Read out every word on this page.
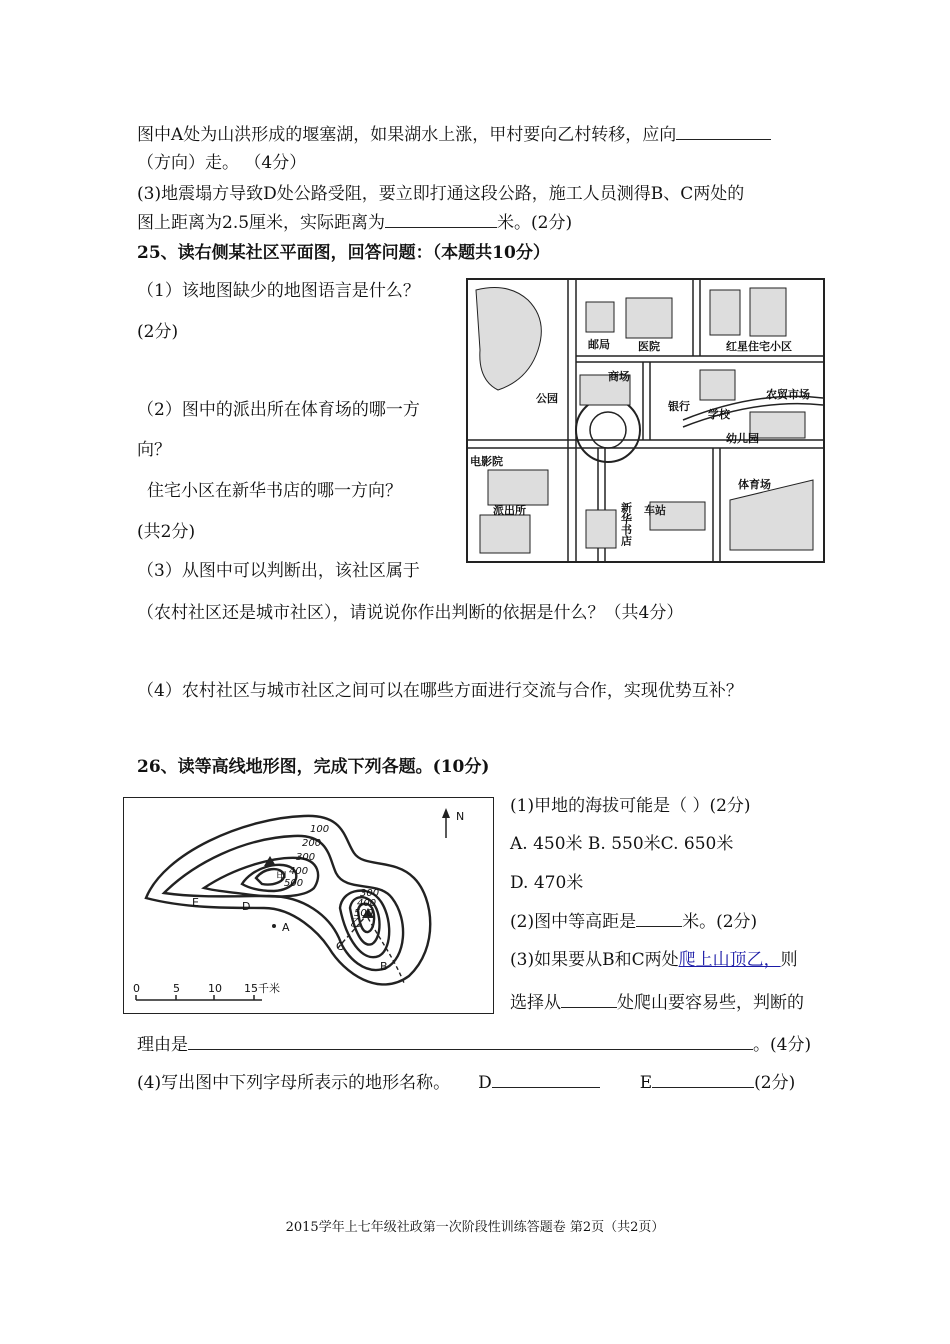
图中A处为山洪形成的堰塞湖，如果湖水上涨，甲村要向乙村转移，应向
（方向）走。 （4分）
(3)地震塌方导致D处公路受阻，要立即打通这段公路，施工人员测得B、C两处的
图上距离为2.5厘米，实际距离为	米。(2分)
25、读右侧某社区平面图，回答问题：（本题共10分）
（1）该地图缺少的地图语言是什么？
(2分)
（2）图中的派出所在体育场的哪一方
向？
住宅小区在新华书店的哪一方向？
(共2分)
（3）从图中可以判断出，该社区属于
（农村社区还是城市社区），请说说你作出判断的依据是什么？（共4分）
（4）农村社区与城市社区之间可以在哪些方面进行交流与合作，实现优势互补？
邮局	医院	红星住宅小区
商场
公园
银行
农贸市场
学校
幼儿园
电影院
体育场
派出所	车站
新华书店
26、读等高线地形图，完成下列各题。(10分)
100
200
300
400
500
300
400
500
甲
乙
A
B
C
D
E
N
0	5	10 15千米
(1)甲地的海拔可能是（ ）(2分)
A. 450米 B. 550米C. 650米
D. 470米
(2)图中等高距是	米。(2分)
(3)如果要从B和C两处爬上山顶乙，则
选择从	处爬山要容易些，判断的
理由是	。(4分)
(4)写出图中下列字母所表示的地形名称。 D	E	(2分)
2015学年上七年级社政第一次阶段性训练答题卷 第2页（共2页）
